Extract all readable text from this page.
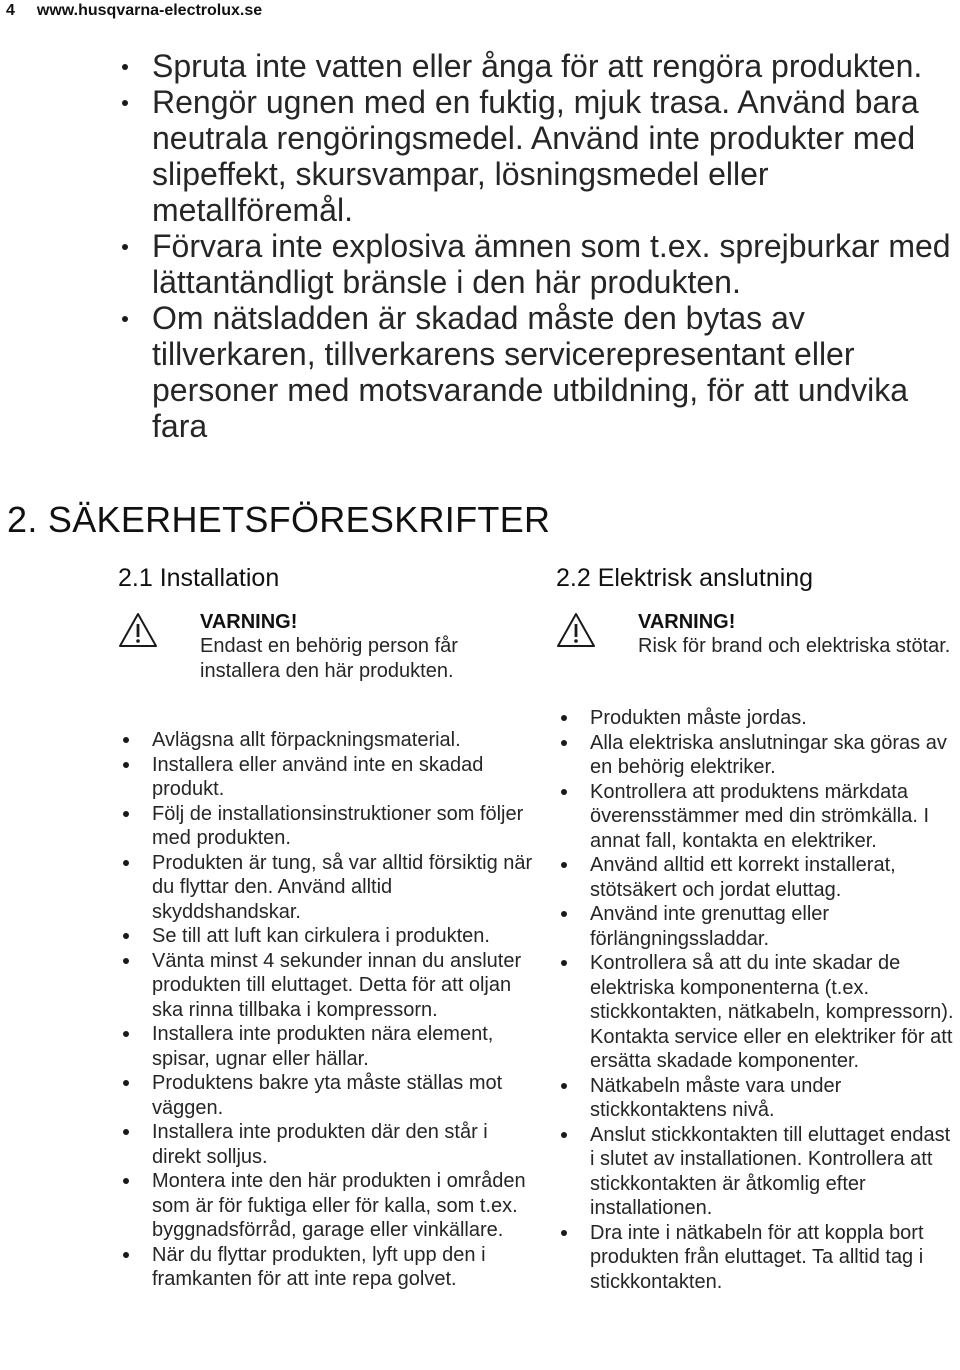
4 www.husqvarna-electrolux.se
Spruta inte vatten eller ånga för att rengöra produkten.
Rengör ugnen med en fuktig, mjuk trasa. Använd bara neutrala rengöringsmedel. Använd inte produkter med slipeffekt, skursvampar, lösningsmedel eller metallföremål.
Förvara inte explosiva ämnen som t.ex. sprejburkar med lättantändligt bränsle i den här produkten.
Om nätsladden är skadad måste den bytas av tillverkaren, tillverkarens servicerepresentant eller personer med motsvarande utbildning, för att undvika fara
2. SÄKERHETSFÖRESKRIFTER
2.1 Installation
VARNING!
Endast en behörig person får installera den här produkten.
Avlägsna allt förpackningsmaterial.
Installera eller använd inte en skadad produkt.
Följ de installationsinstruktioner som följer med produkten.
Produkten är tung, så var alltid försiktig när du flyttar den. Använd alltid skyddshandskar.
Se till att luft kan cirkulera i produkten.
Vänta minst 4 sekunder innan du ansluter produkten till eluttaget. Detta för att oljan ska rinna tillbaka i kompressorn.
Installera inte produkten nära element, spisar, ugnar eller hällar.
Produktens bakre yta måste ställas mot väggen.
Installera inte produkten där den står i direkt solljus.
Montera inte den här produkten i områden som är för fuktiga eller för kalla, som t.ex. byggnadsförråd, garage eller vinkällare.
När du flyttar produkten, lyft upp den i framkanten för att inte repa golvet.
2.2 Elektrisk anslutning
VARNING!
Risk för brand och elektriska stötar.
Produkten måste jordas.
Alla elektriska anslutningar ska göras av en behörig elektriker.
Kontrollera att produktens märkdata överensstämmer med din strömkälla. I annat fall, kontakta en elektriker.
Använd alltid ett korrekt installerat, stötsäkert och jordat eluttag.
Använd inte grenuttag eller förlängningssladdar.
Kontrollera så att du inte skadar de elektriska komponenterna (t.ex. stickkontakten, nätkabeln, kompressorn). Kontakta service eller en elektriker för att ersätta skadade komponenter.
Nätkabeln måste vara under stickkontaktens nivå.
Anslut stickkontakten till eluttaget endast i slutet av installationen. Kontrollera att stickkontakten är åtkomlig efter installationen.
Dra inte i nätkabeln för att koppla bort produkten från eluttaget. Ta alltid tag i stickkontakten.
